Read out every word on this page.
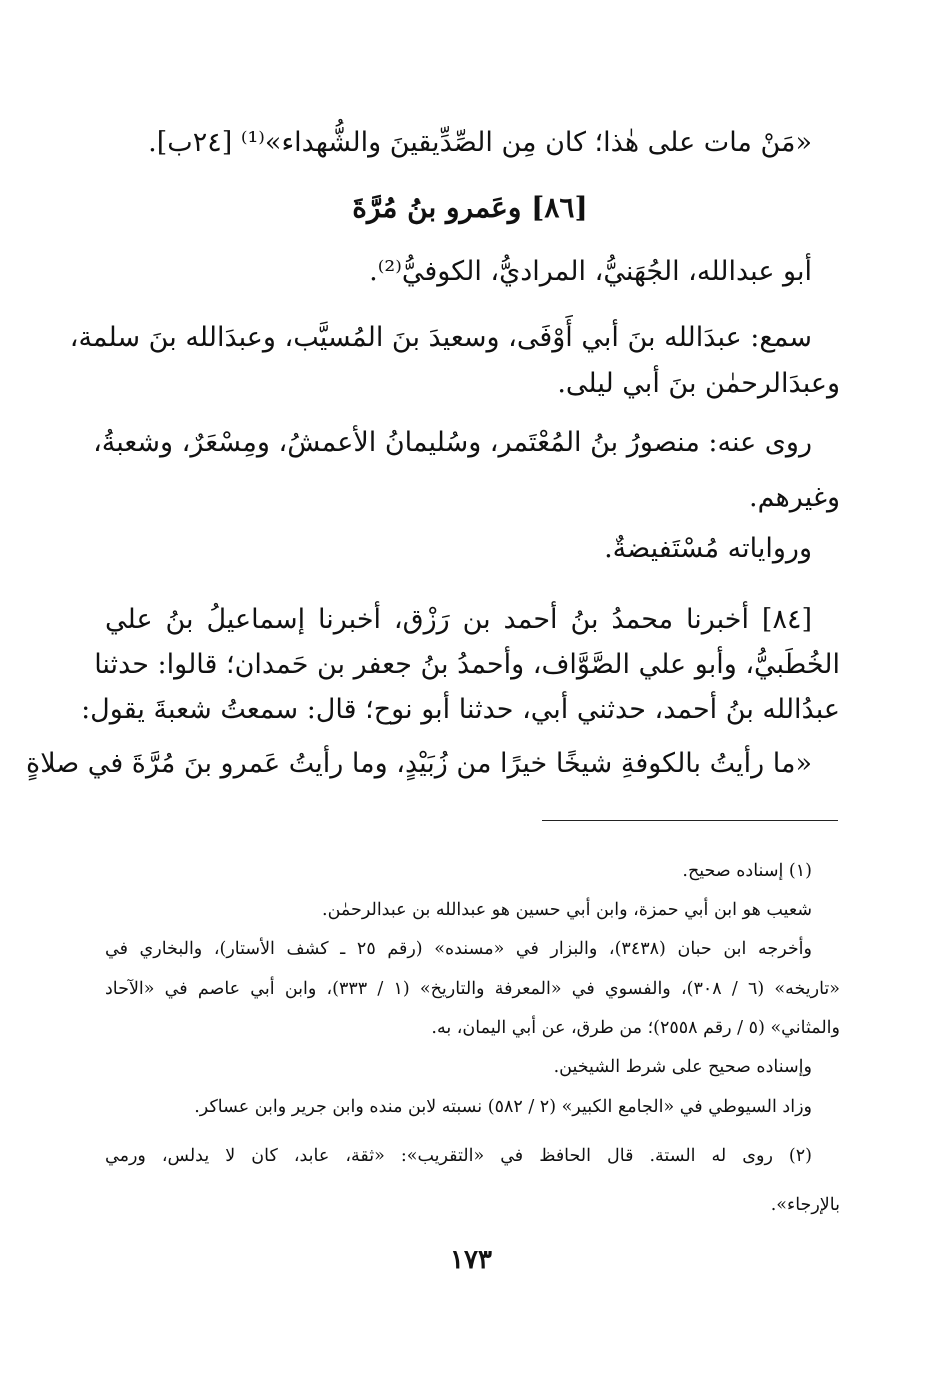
«مَنْ مات على هٰذا؛ كان مِن الصِّدِّيقينَ والشُّهداء»⁽¹⁾ [٢٤ب].
[٨٦] وعَمرو بنُ مُرَّةَ
أبو عبدالله، الجُهَنيُّ، المراديُّ، الكوفيُّ⁽²⁾.
سمع: عبدَالله بنَ أبي أَوْفَى، وسعيدَ بنَ المُسيَّب، وعبدَالله بنَ سلمة،
وعبدَالرحمٰن بنَ أبي ليلى.
روى عنه: منصورُ بنُ المُعْتَمر، وسُليمانُ الأعمشُ، ومِسْعَرٌ، وشعبةُ،
وغيرهم.
ورواياته مُسْتَفيضةٌ.
[٨٤] أخبرنا محمدُ بنُ أحمد بن رَزْق، أخبرنا إسماعيلُ بنُ علي
الخُطَبيُّ، وأبو علي الصَّوَّاف، وأحمدُ بنُ جعفر بن حَمدان؛ قالوا: حدثنا
عبدُالله بنُ أحمد، حدثني أبي، حدثنا أبو نوح؛ قال: سمعتُ شعبةَ يقول:
«ما رأيتُ بالكوفةِ شيخًا خيرًا من زُبَيْدٍ، وما رأيتُ عَمرو بنَ مُرَّةَ في صلاةٍ
(١) إسناده صحيح.
شعيب هو ابن أبي حمزة، وابن أبي حسين هو عبدالله بن عبدالرحمٰن.
وأخرجه ابن حبان (٣٤٣٨)، والبزار في «مسنده» (رقم ٢٥ ـ كشف الأستار)، والبخاري في
«تاريخه» (٦ / ٣٠٨)، والفسوي في «المعرفة والتاريخ» (١ / ٣٣٣)، وابن أبي عاصم في «الآحاد
والمثاني» (٥ / رقم ٢٥٥٨)؛ من طرق، عن أبي اليمان، به.
وإسناده صحيح على شرط الشيخين.
وزاد السيوطي في «الجامع الكبير» (٢ / ٥٨٢) نسبته لابن منده وابن جرير وابن عساكر.
(٢) روى له الستة. قال الحافظ في «التقريب»: «ثقة، عابد، كان لا يدلس، ورمي
بالإرجاء».
١٧٣
